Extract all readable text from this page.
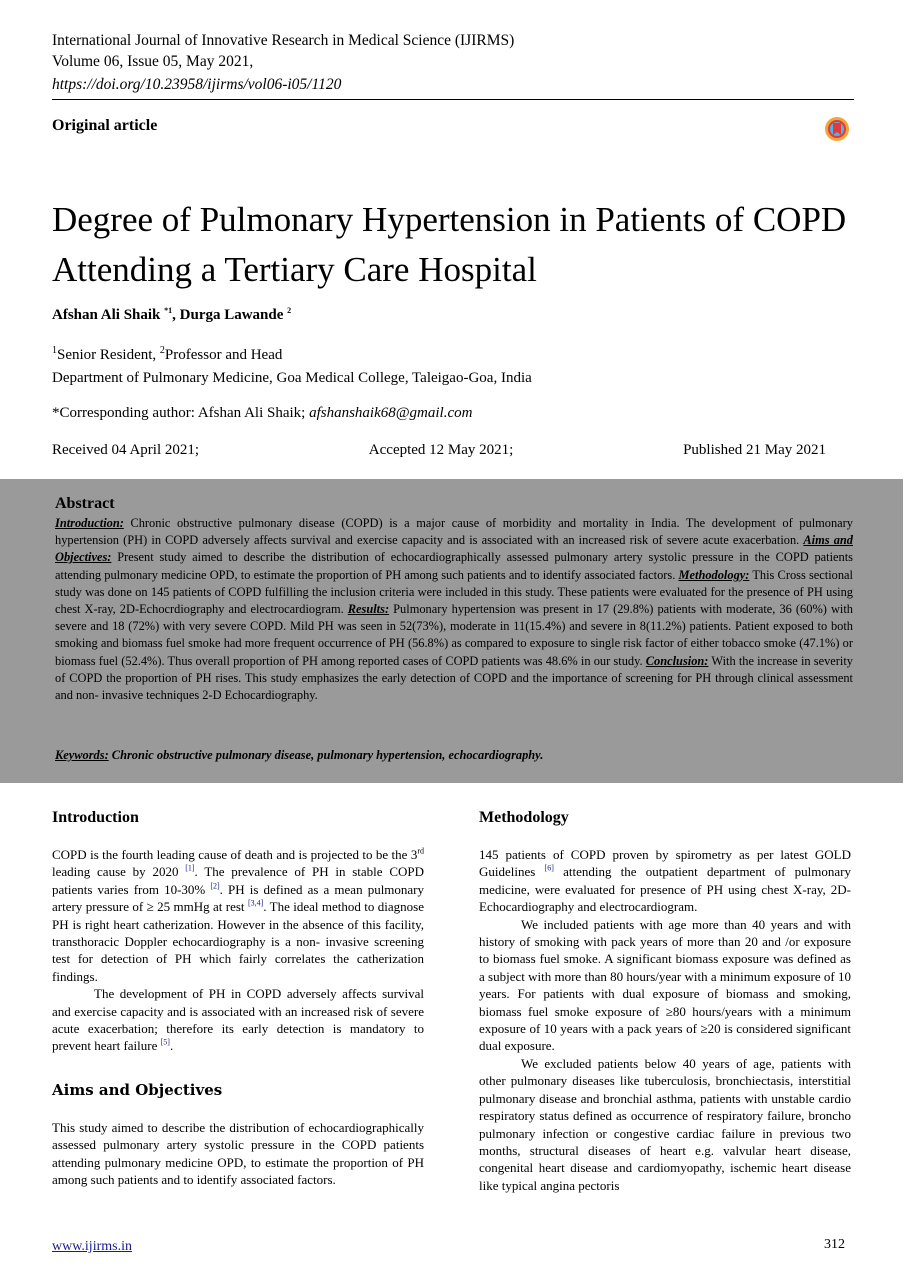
International Journal of Innovative Research in Medical Science (IJIRMS)
Volume 06, Issue 05, May 2021,
https://doi.org/10.23958/ijirms/vol06-i05/1120
Original article
Degree of Pulmonary Hypertension in Patients of COPD Attending a Tertiary Care Hospital
Afshan Ali Shaik $^{*1}$, Durga Lawande $^2$
$^1$Senior Resident, $^2$Professor and Head
Department of Pulmonary Medicine, Goa Medical College, Taleigao-Goa, India
*Corresponding author: Afshan Ali Shaik; afshanshaik68@gmail.com
Received 04 April 2021;	Accepted 12 May 2021;	Published 21 May 2021
Abstract
Introduction: Chronic obstructive pulmonary disease (COPD) is a major cause of morbidity and mortality in India. The development of pulmonary hypertension (PH) in COPD adversely affects survival and exercise capacity and is associated with an increased risk of severe acute exacerbation. Aims and Objectives: Present study aimed to describe the distribution of echocardiographically assessed pulmonary artery systolic pressure in the COPD patients attending pulmonary medicine OPD, to estimate the proportion of PH among such patients and to identify associated factors. Methodology: This Cross sectional study was done on 145 patients of COPD fulfilling the inclusion criteria were included in this study. These patients were evaluated for the presence of PH using chest X-ray, 2D-Echocrdiography and electrocardiogram. Results: Pulmonary hypertension was present in 17 (29.8%) patients with moderate, 36 (60%) with severe and 18 (72%) with very severe COPD. Mild PH was seen in 52(73%), moderate in 11(15.4%) and severe in 8(11.2%) patients. Patient exposed to both smoking and biomass fuel smoke had more frequent occurrence of PH (56.8%) as compared to exposure to single risk factor of either tobacco smoke (47.1%) or biomass fuel (52.4%). Thus overall proportion of PH among reported cases of COPD patients was 48.6% in our study. Conclusion: With the increase in severity of COPD the proportion of PH rises. This study emphasizes the early detection of COPD and the importance of screening for PH through clinical assessment and non- invasive techniques 2-D Echocardiography.
Keywords: Chronic obstructive pulmonary disease, pulmonary hypertension, echocardiography.
Introduction

COPD is the fourth leading cause of death and is projected to be the 3rd leading cause by 2020 [1]. The prevalence of PH in stable COPD patients varies from 10-30% [2]. PH is defined as a mean pulmonary artery pressure of ≥ 25 mmHg at rest [3,4]. The ideal method to diagnose PH is right heart catherization. However in the absence of this facility, transthoracic Doppler echocardiography is a non- invasive screening test for detection of PH which fairly correlates the catherization findings.

The development of PH in COPD adversely affects survival and exercise capacity and is associated with an increased risk of severe acute exacerbation; therefore its early detection is mandatory to prevent heart failure [5].

Aims and Objectives
This study aimed to describe the distribution of echocardiographically assessed pulmonary artery systolic pressure in the COPD patients attending pulmonary medicine OPD, to estimate the proportion of PH among such patients and to identify associated factors.
Methodology

145 patients of COPD proven by spirometry as per latest GOLD Guidelines [6] attending the outpatient department of pulmonary medicine, were evaluated for presence of PH using chest X-ray, 2D-Echocardiography and electrocardiogram.

We included patients with age more than 40 years and with history of smoking with pack years of more than 20 and /or exposure to biomass fuel smoke. A significant biomass exposure was defined as a subject with more than 80 hours/year with a minimum exposure of 10 years. For patients with dual exposure of biomass and smoking, biomass fuel smoke exposure of ≥80 hours/years with a minimum exposure of 10 years with a pack years of ≥20 is considered significant dual exposure.

We excluded patients below 40 years of age, patients with other pulmonary diseases like tuberculosis, bronchiectasis, interstitial pulmonary disease and bronchial asthma, patients with unstable cardio respiratory status defined as occurrence of respiratory failure, broncho pulmonary infection or congestive cardiac failure in previous two months, structural diseases of heart e.g. valvular heart disease, congenital heart disease and cardiomyopathy, ischemic heart disease like typical angina pectoris

www.ijirms.in	312
